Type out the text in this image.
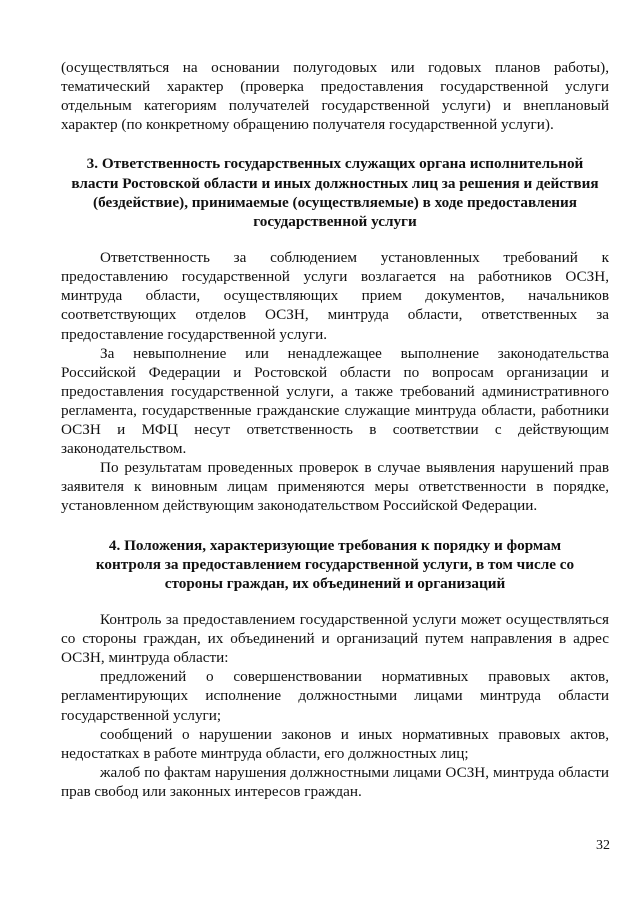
(осуществляться на основании полугодовых или годовых планов работы), тематический характер (проверка предоставления государственной услуги отдельным категориям получателей государственной услуги) и внеплановый характер (по конкретному обращению получателя государственной услуги).

3. Ответственность государственных служащих органа исполнительной власти Ростовской области и иных должностных лиц за решения и действия (бездействие), принимаемые (осуществляемые) в ходе предоставления государственной услуги

Ответственность за соблюдением установленных требований к предоставлению государственной услуги возлагается на работников ОСЗН, минтруда области, осуществляющих прием документов, начальников соответствующих отделов ОСЗН, минтруда области, ответственных за предоставление государственной услуги.

За невыполнение или ненадлежащее выполнение законодательства Российской Федерации и Ростовской области по вопросам организации и предоставления государственной услуги, а также требований административного регламента, государственные гражданские служащие минтруда области, работники ОСЗН и МФЦ несут ответственность в соответствии с действующим законодательством.

По результатам проведенных проверок в случае выявления нарушений прав заявителя к виновным лицам применяются меры ответственности в порядке, установленном действующим законодательством Российской Федерации.

4. Положения, характеризующие требования к порядку и формам контроля за предоставлением государственной услуги, в том числе со стороны граждан, их объединений и организаций

Контроль за предоставлением государственной услуги может осуществляться со стороны граждан, их объединений и организаций путем направления в адрес ОСЗН, минтруда области:

предложений о совершенствовании нормативных правовых актов, регламентирующих исполнение должностными лицами минтруда области государственной услуги;

сообщений о нарушении законов и иных нормативных правовых актов, недостатках в работе минтруда области, его должностных лиц;

жалоб по фактам нарушения должностными лицами ОСЗН, минтруда области прав свобод или законных интересов граждан.

32
